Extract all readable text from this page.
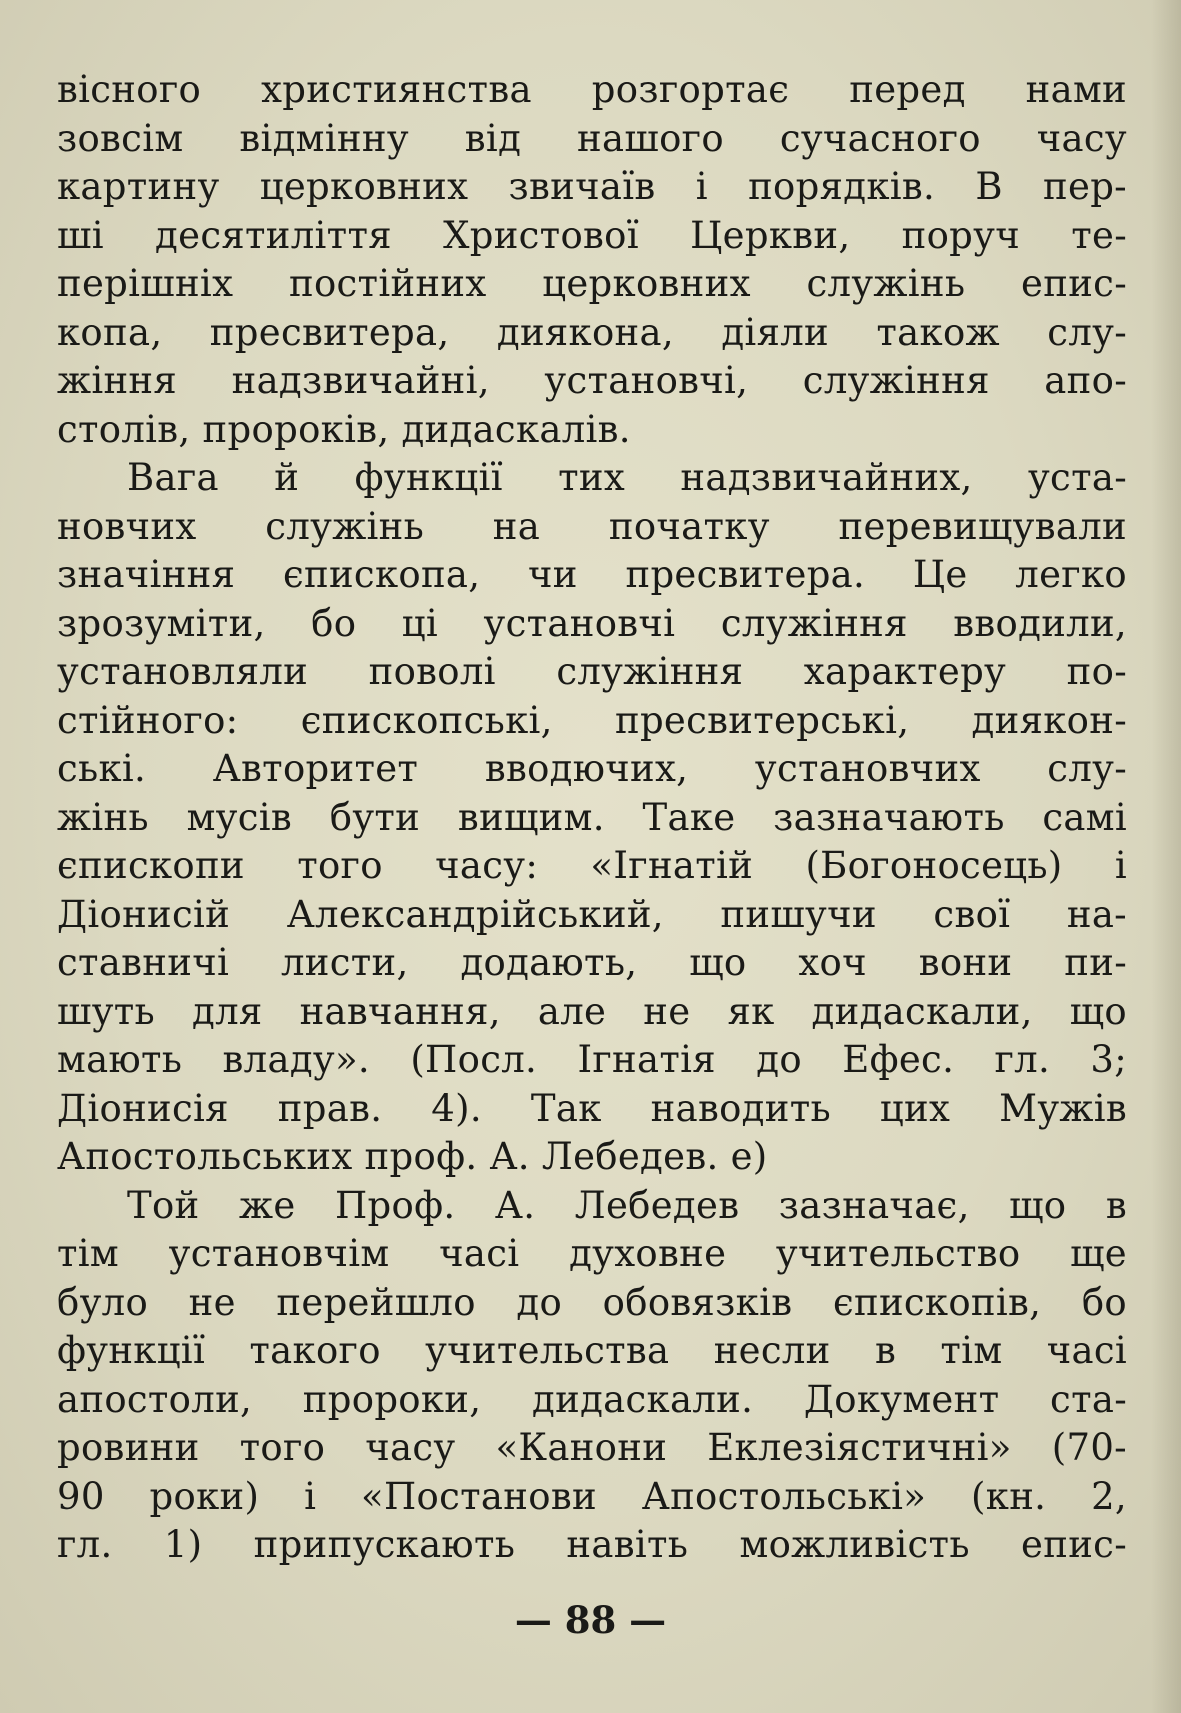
вісного християнства розгортає перед нами
зовсім відмінну від нашого сучасного часу
картину церковних звичаїв і порядків. В пер-
ші десятиліття Христової Церкви, поруч те-
перішніх постійних церковних служінь епис-
копа, пресвитера, диякона, діяли також слу-
жіння надзвичайні, установчі, служіння апо-
столів, пророків, дидаскалів.
Вага й функції тих надзвичайних, уста-
новчих служінь на початку перевищували
значіння єпископа, чи пресвитера. Це легко
зрозуміти, бо ці установчі служіння вводили,
установляли поволі служіння характеру по-
стійного: єпископські, пресвитерські, диякон-
ські. Авторитет вводючих, установчих слу-
жінь мусів бути вищим. Таке зазначають самі
єпископи того часу: «Ігнатій (Богоносець) і
Діонисій Александрійський, пишучи свої на-
ставничі листи, додають, що хоч вони пи-
шуть для навчання, але не як дидаскали, що
мають владу». (Посл. Ігнатія до Ефес. гл. 3;
Діонисія прав. 4). Так наводить цих Мужів
Апостольських проф. А. Лебедев. е)
Той же Проф. А. Лебедев зазначає, що в
тім установчім часі духовне учительство ще
було не перейшло до обовязків єпископів, бо
функції такого учительства несли в тім часі
апостоли, пророки, дидаскали. Документ ста-
ровини того часу «Канони Еклезіястичні» (70-
90 роки) і «Постанови Апостольські» (кн. 2,
гл. 1) припускають навіть можливість епис-
— 88 —
